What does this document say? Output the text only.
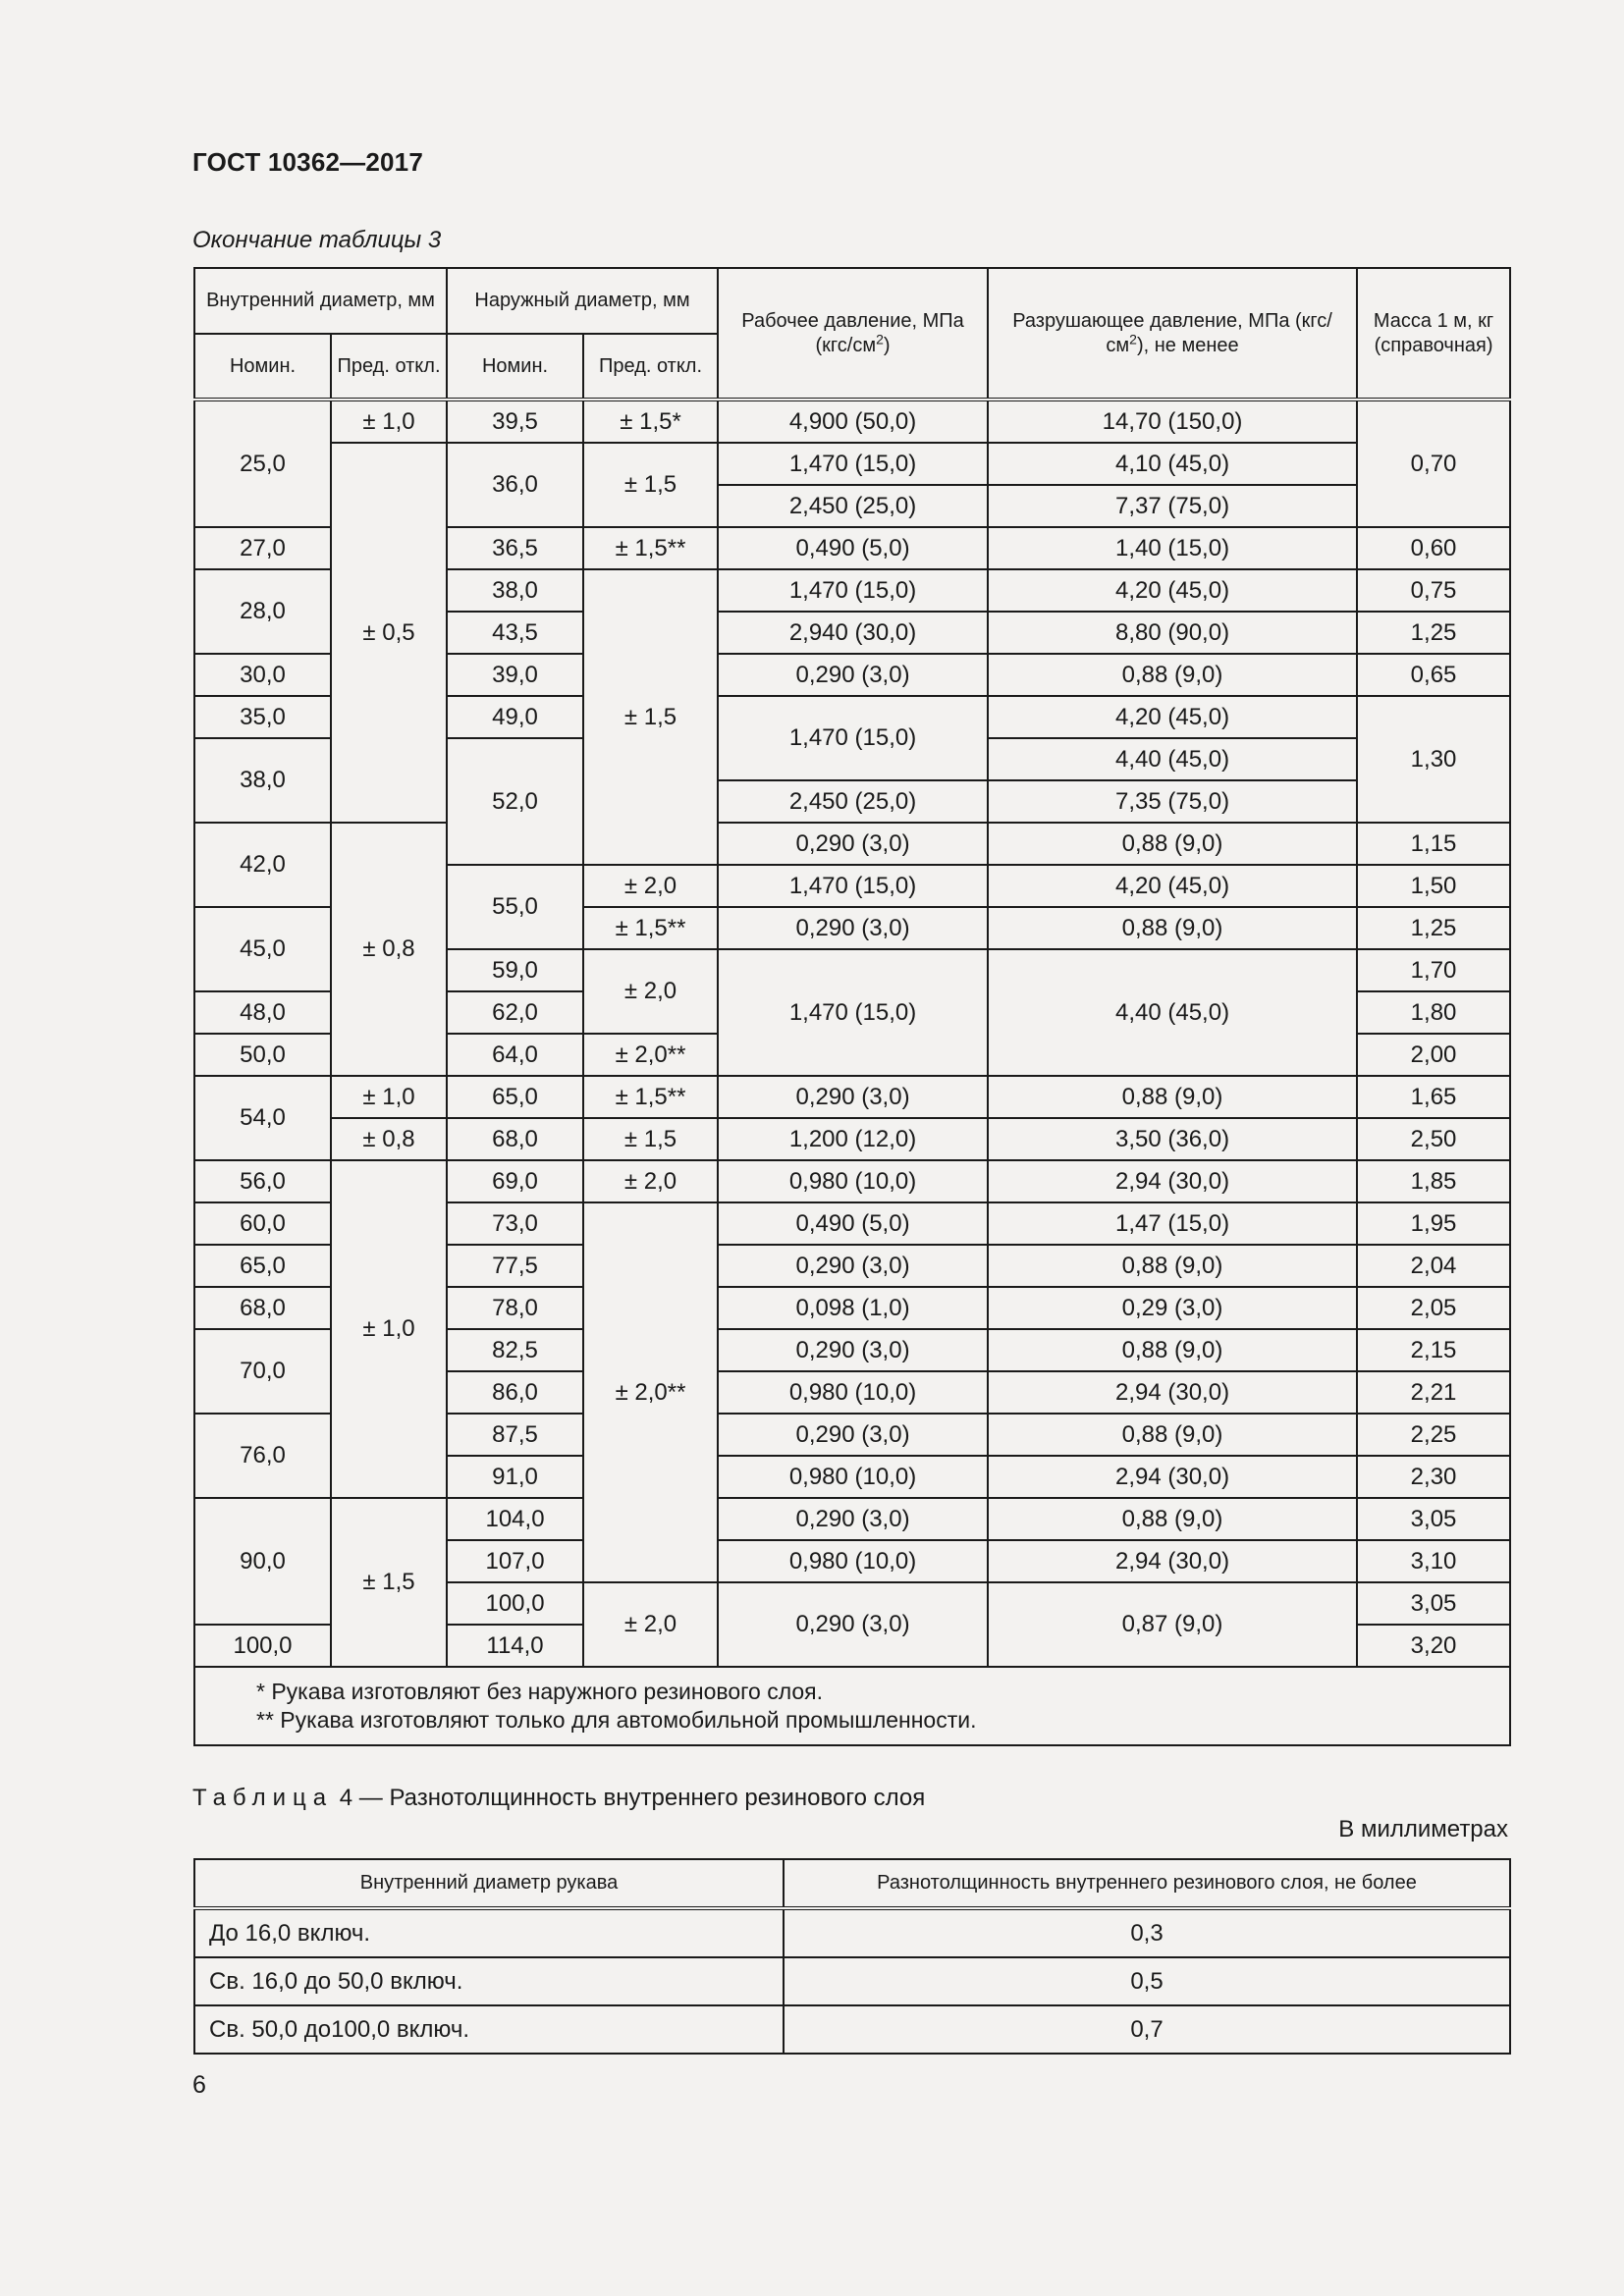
ГОСТ 10362—2017
Окончание таблицы 3
Внутренний диаметр, мм		Наружный диаметр, мм		Рабочее давление, МПа $(кгс/см^2)$	Разрушающее давление, МПа $(кгс/см^2)$, не менее	Масса 1 м, кг (справочная)
Номин.	Пред. откл.	Номин.	Пред. откл.			
25,0	± 1,0	39,5	± 1,5*	4,900 (50,0)	14,70 (150,0)	0,70
	± 0,5	36,0	± 1,5	1,470 (15,0)	4,10 (45,0)	
				2,450 (25,0)	7,37 (75,0)	
27,0		36,5	± 1,5**	0,490 (5,0)	1,40 (15,0)	0,60
28,0		38,0	± 1,5	1,470 (15,0)	4,20 (45,0)	0,75
		43,5		2,940 (30,0)	8,80 (90,0)	1,25
30,0		39,0		0,290 (3,0)	0,88 (9,0)	0,65
35,0		49,0		1,470 (15,0)	4,20 (45,0)	1,30
38,0		52,0			4,40 (45,0)	
				2,450 (25,0)	7,35 (75,0)	
42,0	± 0,8			0,290 (3,0)	0,88 (9,0)	1,15
		55,0	± 2,0	1,470 (15,0)	4,20 (45,0)	1,50
45,0			± 1,5**	0,290 (3,0)	0,88 (9,0)	1,25
		59,0	± 2,0	1,470 (15,0)	4,40 (45,0)	1,70
48,0		62,0				1,80
50,0		64,0	± 2,0**			2,00
54,0	± 1,0	65,0	± 1,5**	0,290 (3,0)	0,88 (9,0)	1,65
	± 0,8	68,0	± 1,5	1,200 (12,0)	3,50 (36,0)	2,50
56,0	± 1,0	69,0	± 2,0	0,980 (10,0)	2,94 (30,0)	1,85
60,0		73,0	± 2,0**	0,490 (5,0)	1,47 (15,0)	1,95
65,0		77,5		0,290 (3,0)	0,88 (9,0)	2,04
68,0		78,0		0,098 (1,0)	0,29 (3,0)	2,05
70,0		82,5		0,290 (3,0)	0,88 (9,0)	2,15
		86,0		0,980 (10,0)	2,94 (30,0)	2,21
76,0		87,5		0,290 (3,0)	0,88 (9,0)	2,25
		91,0		0,980 (10,0)	2,94 (30,0)	2,30
90,0	± 1,5	104,0		0,290 (3,0)	0,88 (9,0)	3,05
		107,0		0,980 (10,0)	2,94 (30,0)	3,10
		100,0	± 2,0	0,290 (3,0)	0,87 (9,0)	3,05
100,0		114,0				3,20

* Рукава изготовляют без наружного резинового слоя.
** Рукава изготовляют только для автомобильной промышленности.						
Таблица 4 — Разнотолщинность внутреннего резинового слоя
В миллиметрах
Внутренний диаметр рукава	Разнотолщинность внутреннего резинового слоя, не более
До 16,0 включ.	0,3
Св. 16,0 до 50,0 включ.	0,5
Св. 50,0 до100,0 включ.	0,7
6
